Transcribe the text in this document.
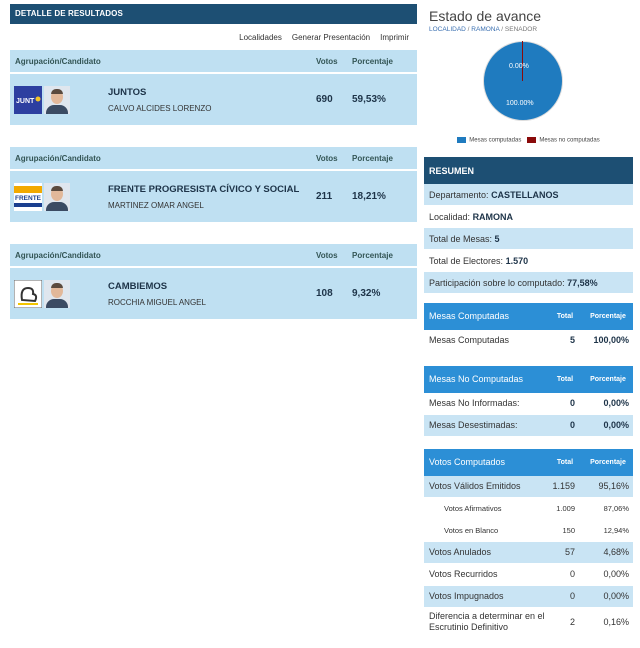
DETALLE DE RESULTADOS
Localidades Generar Presentación Imprimir
Agrupación/Candidato	Votos	Porcentaje
JUNT
JUNTOS
CALVO ALCIDES LORENZO
690	59,53%
Agrupación/Candidato	Votos	Porcentaje
FRENTE
FRENTE PROGRESISTA CÍVICO Y SOCIAL
MARTINEZ OMAR ANGEL
211	18,21%
Agrupación/Candidato	Votos	Porcentaje
CAMBIEMOS
ROCCHIA MIGUEL ANGEL
108	9,32%
Estado de avance
LOCALIDAD / RAMONA / SENADOR
0.00%
100.00%
Mesas computadas	Mesas no computadas
RESUMEN
Departamento: CASTELLANOS
Localidad: RAMONA
Total de Mesas: 5
Total de Electores: 1.570
Participación sobre lo computado: 77,58%
Mesas Computadas	Total	Porcentaje
Mesas Computadas	5	100,00%
Mesas No Computadas	Total	Porcentaje
Mesas No Informadas:	0	0,00%
Mesas Desestimadas:	0	0,00%
Votos Computados	Total	Porcentaje
Votos Válidos Emitidos	1.159	95,16%
Votos Afirmativos	1.009	87,06%
Votos en Blanco	150	12,94%
Votos Anulados	57	4,68%
Votos Recurridos	0	0,00%
Votos Impugnados	0	0,00%
Diferencia a determinar en el Escrutinio Definitivo	2	0,16%
